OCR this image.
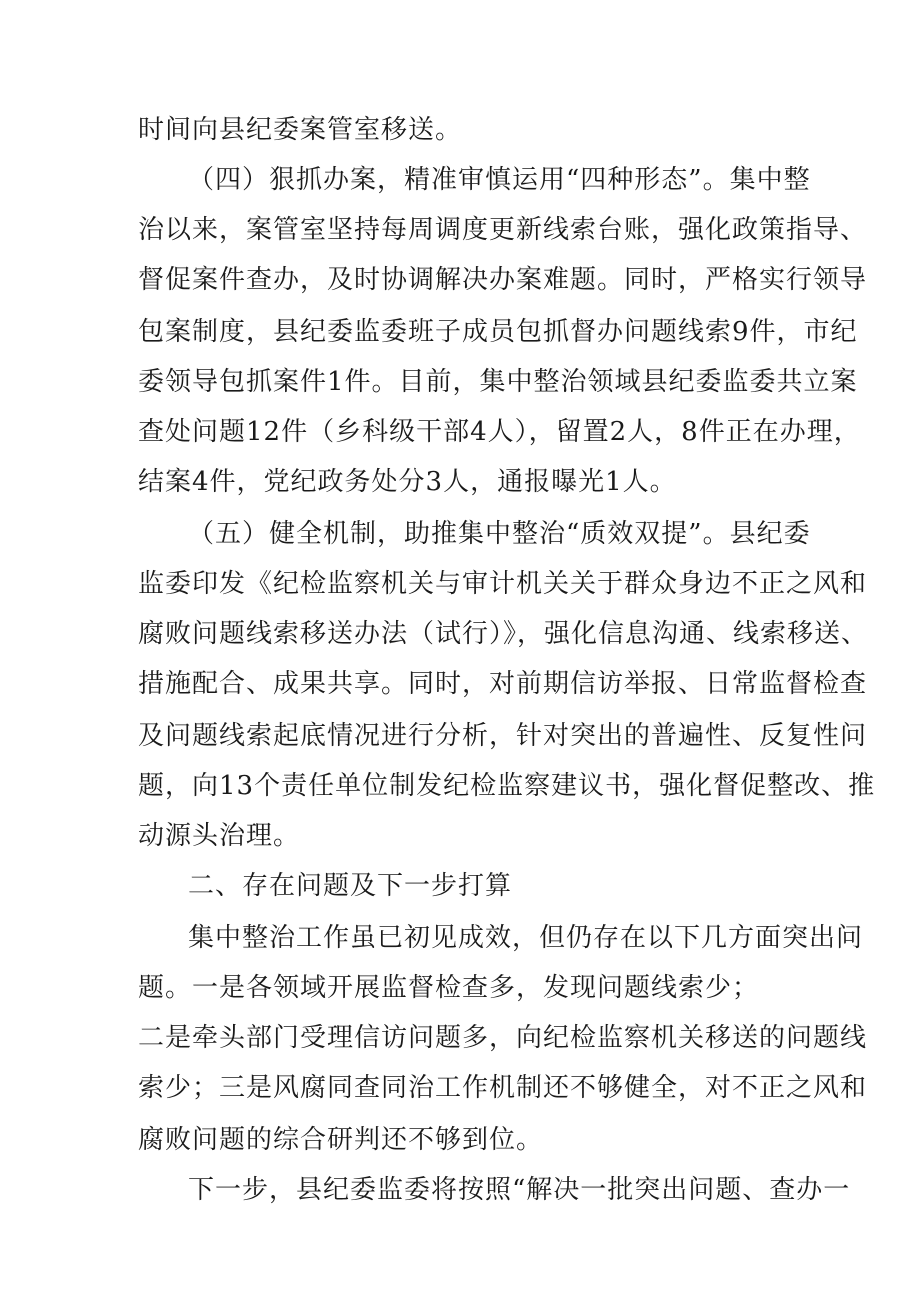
时间向县纪委案管室移送。
（四）狠抓办案，精准审慎运用“四种形态”。集中整
治以来，案管室坚持每周调度更新线索台账，强化政策指导、
督促案件查办，及时协调解决办案难题。同时，严格实行领导
包案制度，县纪委监委班子成员包抓督办问题线索9件，市纪
委领导包抓案件1件。目前，集中整治领域县纪委监委共立案
查处问题12件（乡科级干部4人），留置2人，8件正在办理，
结案4件，党纪政务处分3人，通报曝光1人。
（五）健全机制，助推集中整治“质效双提”。县纪委
监委印发《纪检监察机关与审计机关关于群众身边不正之风和
腐败问题线索移送办法（试行）》，强化信息沟通、线索移送、
措施配合、成果共享。同时，对前期信访举报、日常监督检查
及问题线索起底情况进行分析，针对突出的普遍性、反复性问
题，向13个责任单位制发纪检监察建议书，强化督促整改、推
动源头治理。
二、存在问题及下一步打算
集中整治工作虽已初见成效，但仍存在以下几方面突出问
题。一是各领域开展监督检查多，发现问题线索少；
二是牵头部门受理信访问题多，向纪检监察机关移送的问题线
索少；三是风腐同查同治工作机制还不够健全，对不正之风和
腐败问题的综合研判还不够到位。
下一步，县纪委监委将按照“解决一批突出问题、查办一
